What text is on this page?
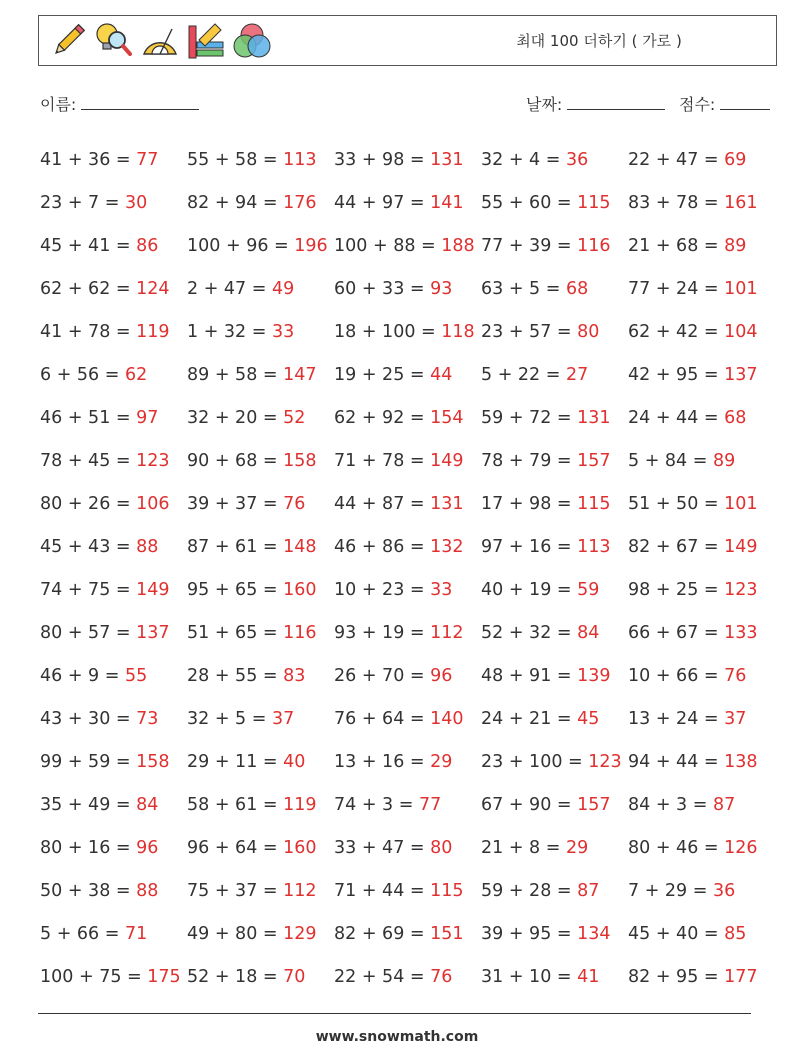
최대 100 더하기 ( 가로 )
이름:	날짜:	점수:
41 + 36 = 77	55 + 58 = 113 33 + 98 = 131 32 + 4 = 36	22 + 47 = 69
23 + 7 = 30	82 + 94 = 176 44 + 97 = 141 55 + 60 = 115 83 + 78 = 161
45 + 41 = 86	100 + 96 = 196 100 + 88 = 188 77 + 39 = 116 21 + 68 = 89
62 + 62 = 124 2 + 47 = 49	60 + 33 = 93	63 + 5 = 68	77 + 24 = 101
41 + 78 = 119 1 + 32 = 33	18 + 100 = 118 23 + 57 = 80	62 + 42 = 104
6 + 56 = 62	89 + 58 = 147 19 + 25 = 44	5 + 22 = 27	42 + 95 = 137
46 + 51 = 97	32 + 20 = 52	62 + 92 = 154 59 + 72 = 131 24 + 44 = 68
78 + 45 = 123 90 + 68 = 158 71 + 78 = 149 78 + 79 = 157 5 + 84 = 89
80 + 26 = 106 39 + 37 = 76	44 + 87 = 131 17 + 98 = 115 51 + 50 = 101
45 + 43 = 88	87 + 61 = 148 46 + 86 = 132 97 + 16 = 113 82 + 67 = 149
74 + 75 = 149 95 + 65 = 160 10 + 23 = 33	40 + 19 = 59	98 + 25 = 123
80 + 57 = 137 51 + 65 = 116 93 + 19 = 112 52 + 32 = 84	66 + 67 = 133
46 + 9 = 55	28 + 55 = 83	26 + 70 = 96	48 + 91 = 139 10 + 66 = 76
43 + 30 = 73	32 + 5 = 37	76 + 64 = 140 24 + 21 = 45	13 + 24 = 37
99 + 59 = 158 29 + 11 = 40	13 + 16 = 29	23 + 100 = 123 94 + 44 = 138
35 + 49 = 84	58 + 61 = 119 74 + 3 = 77	67 + 90 = 157 84 + 3 = 87
80 + 16 = 96	96 + 64 = 160 33 + 47 = 80	21 + 8 = 29	80 + 46 = 126
50 + 38 = 88	75 + 37 = 112 71 + 44 = 115 59 + 28 = 87	7 + 29 = 36
5 + 66 = 71	49 + 80 = 129 82 + 69 = 151 39 + 95 = 134 45 + 40 = 85
100 + 75 = 175 52 + 18 = 70	22 + 54 = 76	31 + 10 = 41	82 + 95 = 177
www.snowmath.com
